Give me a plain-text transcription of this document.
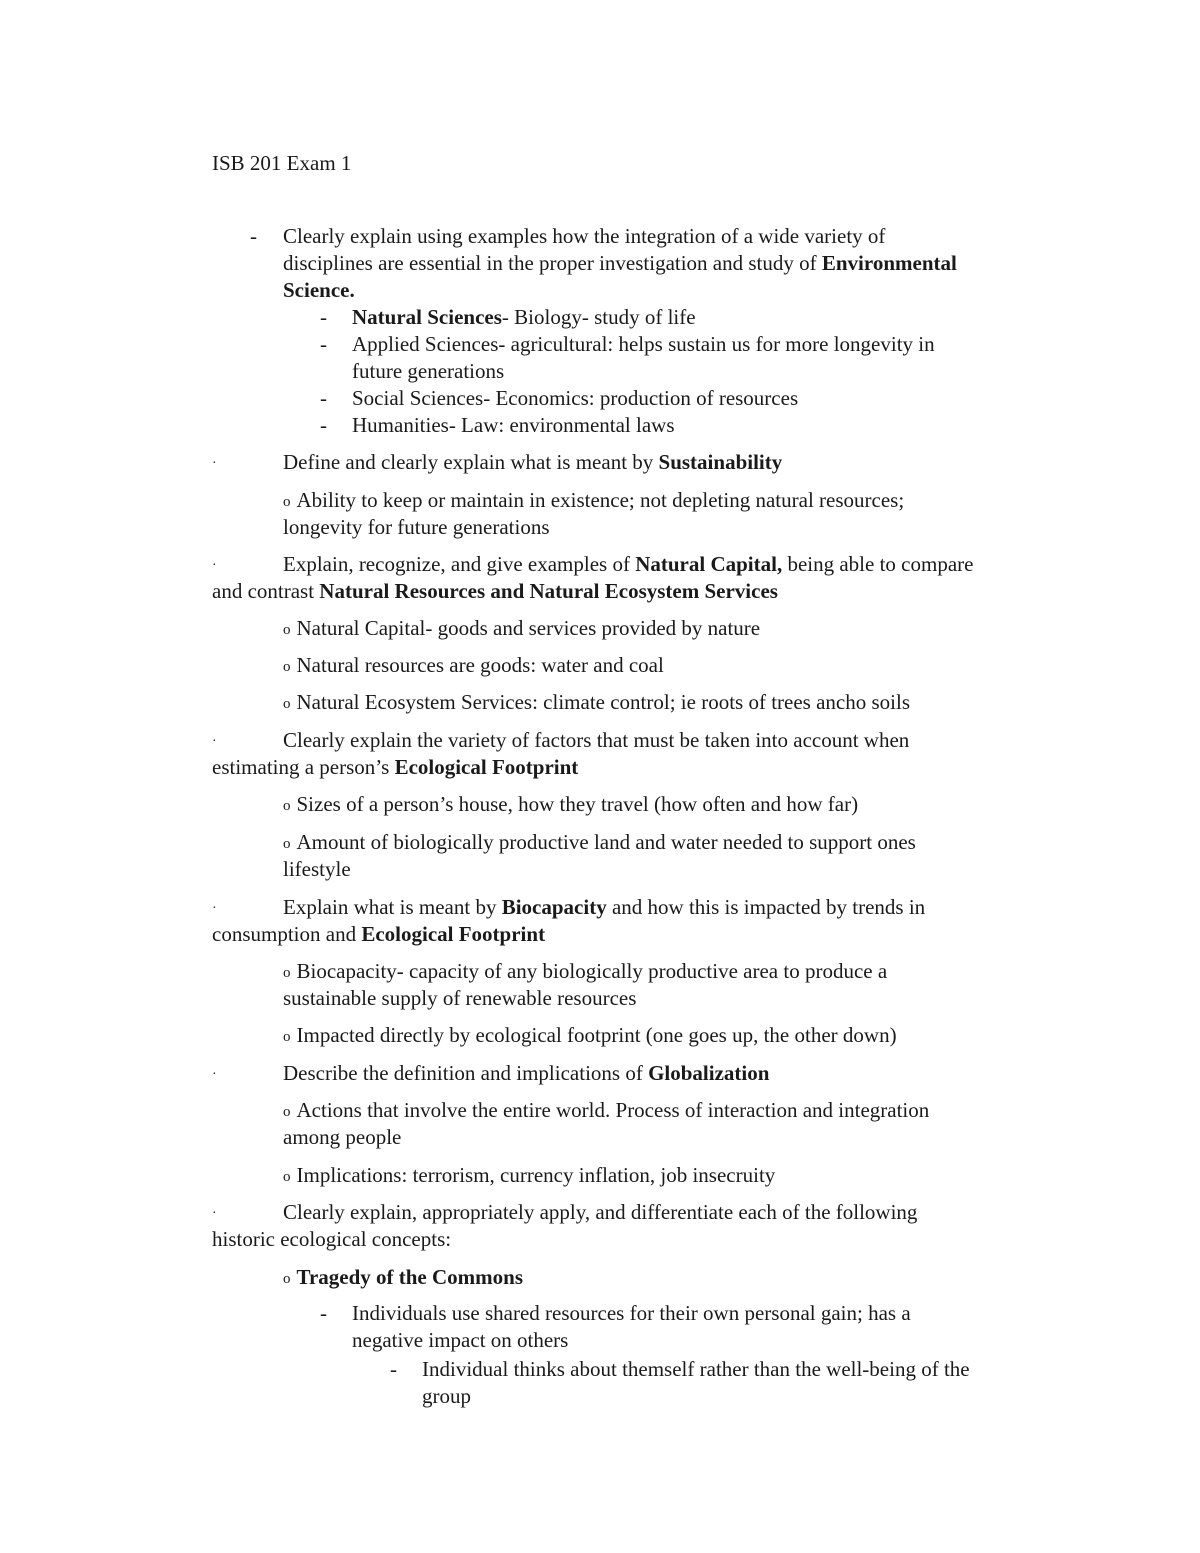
ISB 201 Exam 1
- Clearly explain using examples how the integration of a wide variety of
disciplines are essential in the proper investigation and study of Environmental
Science.
- Natural Sciences- Biology- study of life
- Applied Sciences- agricultural: helps sustain us for more longevity in
future generations
- Social Sciences- Economics: production of resources
- Humanities- Law: environmental laws
·	Define and clearly explain what is meant by Sustainability
o Ability to keep or maintain in existence; not depleting natural resources;
longevity for future generations
·	Explain, recognize, and give examples of Natural Capital, being able to compare
and contrast Natural Resources and Natural Ecosystem Services
o Natural Capital- goods and services provided by nature
o Natural resources are goods: water and coal
o Natural Ecosystem Services: climate control; ie roots of trees ancho soils
·	Clearly explain the variety of factors that must be taken into account when
estimating a person’s Ecological Footprint
o Sizes of a person’s house, how they travel (how often and how far)
o Amount of biologically productive land and water needed to support ones
lifestyle
·	Explain what is meant by Biocapacity and how this is impacted by trends in
consumption and Ecological Footprint
o Biocapacity- capacity of any biologically productive area to produce a
sustainable supply of renewable resources
o Impacted directly by ecological footprint (one goes up, the other down)
·	Describe the definition and implications of Globalization
o Actions that involve the entire world. Process of interaction and integration
among people
o Implications: terrorism, currency inflation, job insecruity
·	Clearly explain, appropriately apply, and differentiate each of the following
historic ecological concepts:
o Tragedy of the Commons
- Individuals use shared resources for their own personal gain; has a
negative impact on others
- Individual thinks about themself rather than the well-being of the
group
